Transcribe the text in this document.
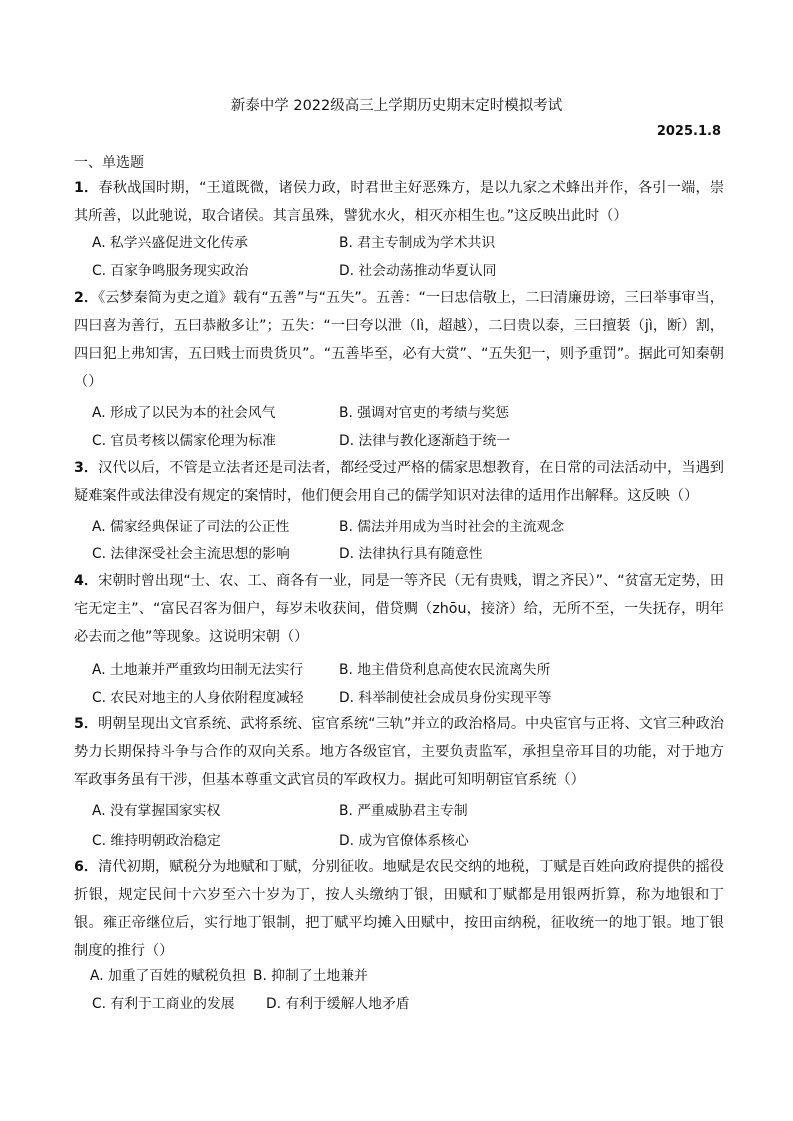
新泰中学 2022级高三上学期历史期末定时模拟考试
2025.1.8
一、单选题
1．春秋战国时期，“王道既微，诸侯力政，时君世主好恶殊方，是以九家之术蜂出并作，各引一端，崇其所善，以此驰说，取合诸侯。其言虽殊，譬犹水火，相灭亦相生也。”这反映出此时（）
A. 私学兴盛促进文化传承	B. 君主专制成为学术共识
C. 百家争鸣服务现实政治	D. 社会动荡推动华夏认同
2．《云梦秦简为吏之道》载有“五善”与“五失”。五善：“一曰忠信敬上，二曰清廉毋谤，三曰举事审当，四曰喜为善行，五曰恭敝多让”；五失：“一曰夸以泄（lì，超越），二曰贵以泰，三曰擅裚（jì，断）割，四曰犯上弗知害，五曰贱士而贵货贝”。“五善毕至，必有大赏”、“五失犯一，则予重罚”。据此可知秦朝（）
A. 形成了以民为本的社会风气	B. 强调对官吏的考绩与奖惩
C. 官员考核以儒家伦理为标准	D. 法律与教化逐渐趋于统一
3．汉代以后，不管是立法者还是司法者，都经受过严格的儒家思想教育，在日常的司法活动中，当遇到疑难案件或法律没有规定的案情时，他们便会用自己的儒学知识对法律的适用作出解释。这反映（）
A. 儒家经典保证了司法的公正性	B. 儒法并用成为当时社会的主流观念
C. 法律深受社会主流思想的影响	D. 法律执行具有随意性
4．宋朝时曾出现“士、农、工、商各有一业，同是一等齐民（无有贵贱，谓之齐民）”、“贫富无定势，田宅无定主”、“富民召客为佃户，每岁未收获间，借贷赒（zhōu，接济）给，无所不至，一失抚存，明年必去而之他”等现象。这说明宋朝（）
A. 土地兼并严重致均田制无法实行	B. 地主借贷利息高使农民流离失所
C. 农民对地主的人身依附程度减轻	D. 科举制使社会成员身份实现平等
5．明朝呈现出文官系统、武将系统、宦官系统“三轨”并立的政治格局。中央宦官与正将、文官三种政治势力长期保持斗争与合作的双向关系。地方各级宦官，主要负责监军，承担皇帝耳目的功能，对于地方军政事务虽有干涉，但基本尊重文武官员的军政权力。据此可知明朝宦官系统（）
A. 没有掌握国家实权	B. 严重威胁君主专制
C. 维持明朝政治稳定	D. 成为官僚体系核心
6．清代初期，赋税分为地赋和丁赋，分别征收。地赋是农民交纳的地税，丁赋是百姓向政府提供的摇役折银，规定民间十六岁至六十岁为丁，按人头缴纳丁银，田赋和丁赋都是用银两折算，称为地银和丁银。雍正帝继位后，实行地丁银制，把丁赋平均摊入田赋中，按田亩纳税，征收统一的地丁银。地丁银制度的推行（）
A. 加重了百姓的赋税负担 B. 抑制了土地兼并
C. 有利于工商业的发展 D. 有利于缓解人地矛盾
